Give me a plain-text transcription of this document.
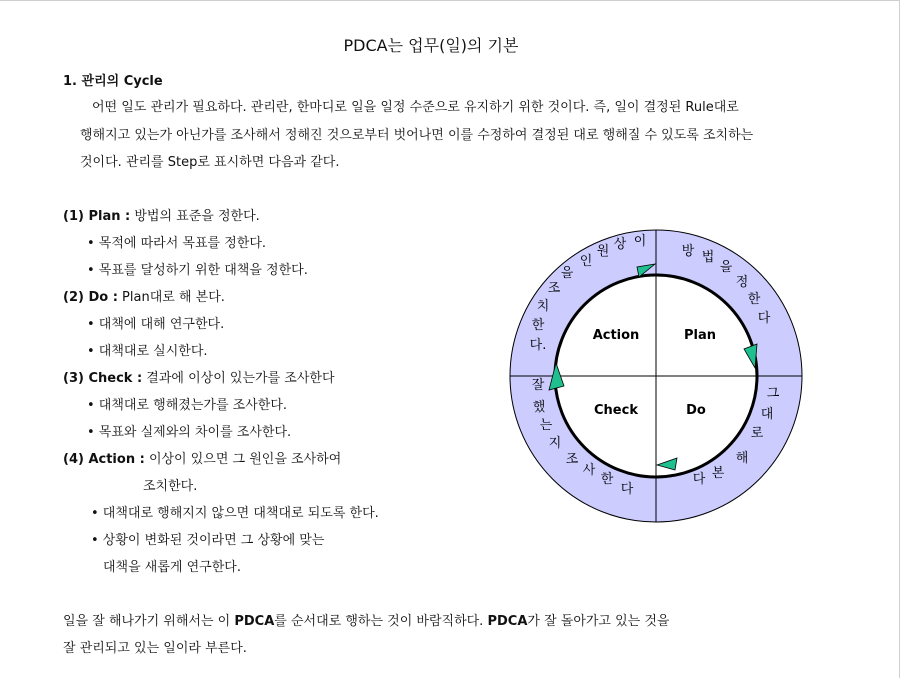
PDCA는 업무(일)의 기본
1. 관리의 Cycle
어떤 일도 관리가 필요하다. 관리란, 한마디로 일을 일정 수준으로 유지하기 위한 것이다. 즉, 일이 결정된 Rule대로
행해지고 있는가 아닌가를 조사해서 정해진 것으로부터 벗어나면 이를 수정하여 결정된 대로 행해질 수 있도록 조치하는
것이다. 관리를 Step로 표시하면 다음과 같다.
(1) Plan : 방법의 표준을 정한다.
• 목적에 따라서 목표를 정한다.
• 목표를 달성하기 위한 대책을 정한다.
(2) Do : Plan대로 해 본다.
• 대책에 대해 연구한다.
• 대책대로 실시한다.
(3) Check : 결과에 이상이 있는가를 조사한다
• 대책대로 행해졌는가를 조사한다.
• 목표와 실제와의 차이를 조사한다.
(4) Action : 이상이 있으면 그 원인을 조사하여
조치한다.
• 대책대로 행해지지 않으면 대책대로 되도록 한다.
• 상황이 변화된 것이라면 그 상황에 맞는
대책을 새롭게 연구한다.
일을 잘 해나가기 위해서는 이 PDCA를 순서대로 행하는 것이 바람직하다. PDCA가 잘 돌아가고 있는 것을
잘 관리되고 있는 일이라 부른다.
Action	Plan
Check	Do
방 법
을
정
한
다
그
대
로
해
본
다
잘
했
는
지
조
사
한
다
다.
한
치
조
을
인
원 상 이
